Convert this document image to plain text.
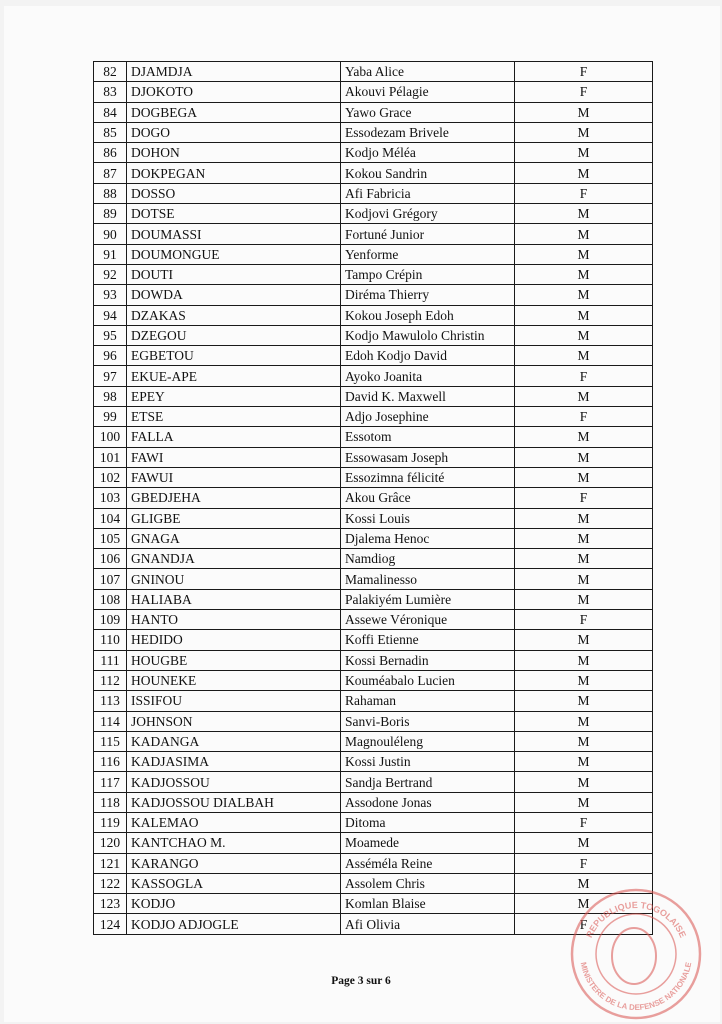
82	DJAMDJA	Yaba Alice	F
83	DJOKOTO	Akouvi Pélagie	F
84	DOGBEGA	Yawo Grace	M
85	DOGO	Essodezam Brivele	M
86	DOHON	Kodjo Méléa	M
87	DOKPEGAN	Kokou Sandrin	M
88	DOSSO	Afi Fabricia	F
89	DOTSE	Kodjovi Grégory	M
90	DOUMASSI	Fortuné Junior	M
91	DOUMONGUE	Yenforme	M
92	DOUTI	Tampo Crépin	M
93	DOWDA	Diréma Thierry	M
94	DZAKAS	Kokou Joseph Edoh	M
95	DZEGOU	Kodjo Mawulolo Christin	M
96	EGBETOU	Edoh Kodjo David	M
97	EKUE-APE	Ayoko Joanita	F
98	EPEY	David K. Maxwell	M
99	ETSE	Adjo Josephine	F
100	FALLA	Essotom	M
101	FAWI	Essowasam Joseph	M
102	FAWUI	Essozimna félicité	M
103	GBEDJEHA	Akou Grâce	F
104	GLIGBE	Kossi Louis	M
105	GNAGA	Djalema Henoc	M
106	GNANDJA	Namdiog	M
107	GNINOU	Mamalinesso	M
108	HALIABA	Palakiyém Lumière	M
109	HANTO	Assewe Véronique	F
110	HEDIDO	Koffi Etienne	M
111	HOUGBE	Kossi Bernadin	M
112	HOUNEKE	Kouméabalo Lucien	M
113	ISSIFOU	Rahaman	M
114	JOHNSON	Sanvi-Boris	M
115	KADANGA	Magnouléleng	M
116	KADJASIMA	Kossi Justin	M
117	KADJOSSOU	Sandja Bertrand	M
118	KADJOSSOU DIALBAH	Assodone Jonas	M
119	KALEMAO	Ditoma	F
120	KANTCHAO M.	Moamede	M
121	KARANGO	Asséméla Reine	F
122	KASSOGLA	Assolem Chris	M
123	KODJO	Komlan Blaise	M
124	KODJO ADJOGLE	Afi Olivia	F
Page 3 sur 6
REPUBLIQUE TOGOLAISE
MINISTERE DE LA DEFENSE NATIONALE
